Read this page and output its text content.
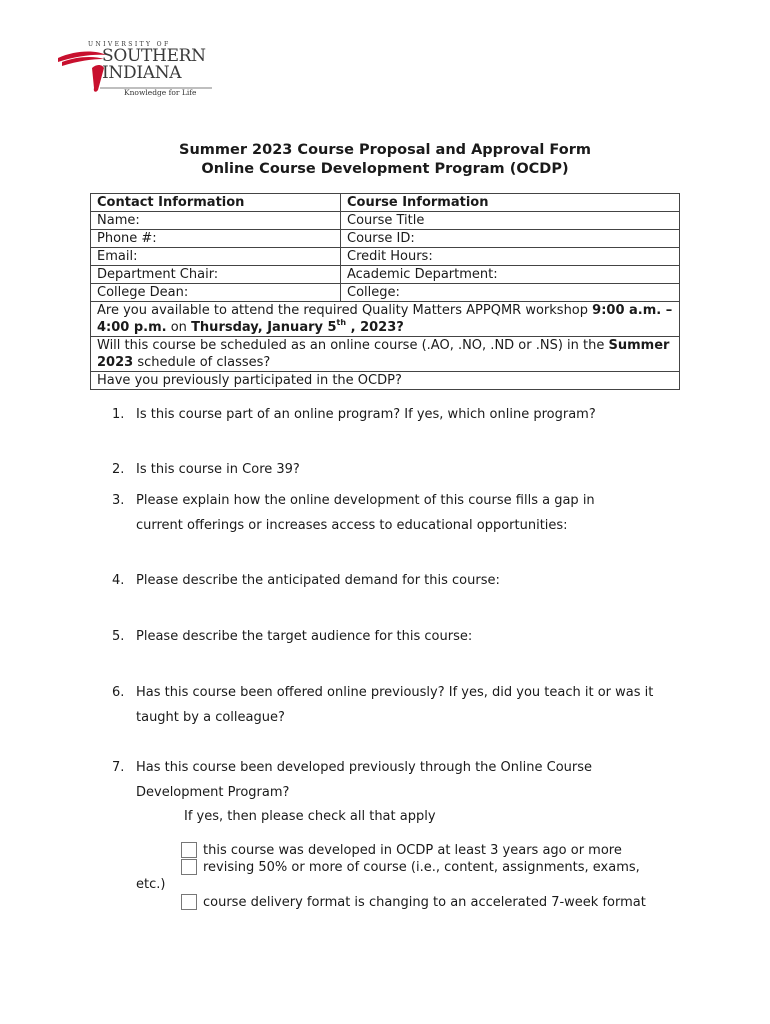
UNIVERSITY OF
SOUTHERN
INDIANA
Knowledge for Life
Summer 2023 Course Proposal and Approval Form
Online Course Development Program (OCDP)
Contact Information	Course Information
Name:	Course Title
Phone #:	Course ID:
Email:	Credit Hours:
Department Chair:	Academic Department:
College Dean:	College:
Are you available to attend the required Quality Matters APPQMR workshop 9:00 a.m. – 4:00 p.m. on Thursday, January 5th , 2023?	
Will this course be scheduled as an online course (.AO, .NO, .ND or .NS) in the Summer 2023 schedule of classes?	
Have you previously participated in the OCDP?	
1. Is this course part of an online program? If yes, which online program?
2. Is this course in Core 39?
3. Please explain how the online development of this course fills a gap in current offerings or increases access to educational opportunities:
4. Please describe the anticipated demand for this course:
5. Please describe the target audience for this course:
6. Has this course been offered online previously? If yes, did you teach it or was it taught by a colleague?
7. Has this course been developed previously through the Online Course Development Program?
If yes, then please check all that apply
this course was developed in OCDP at least 3 years ago or more
revising 50% or more of course (i.e., content, assignments, exams,
etc.)
course delivery format is changing to an accelerated 7-week format
